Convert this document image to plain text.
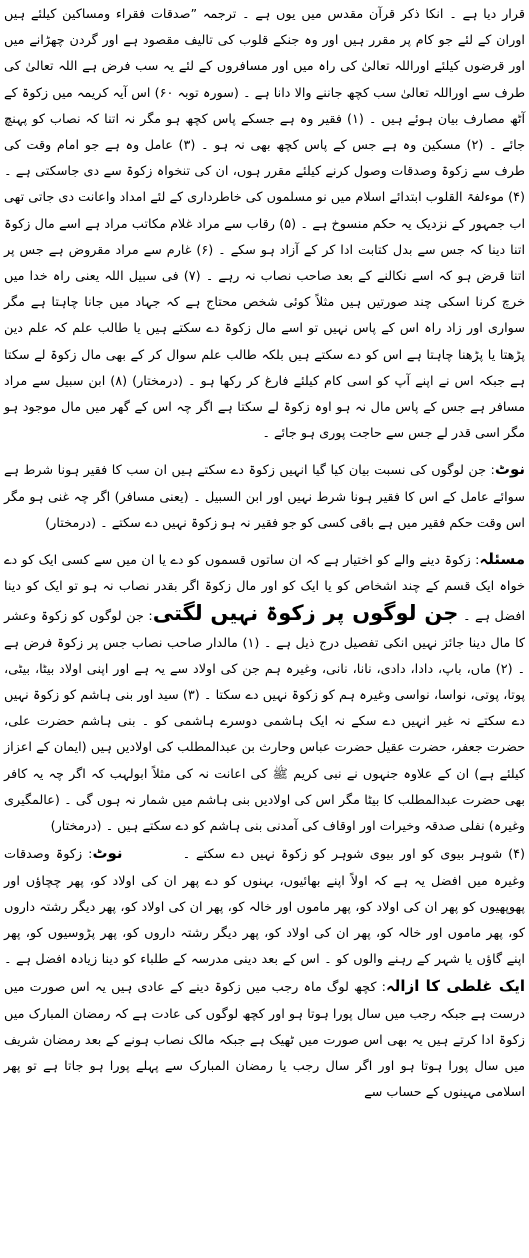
قرار دیا ہے ۔ انکا ذکر قرآن مقدس میں یوں ہے ۔ ترجمہ ”صدقات فقراء ومساکین کیلئے ہیں اوران کے لئے جو کام پر مقرر ہیں اور وہ جنکے قلوب کی تالیف مقصود ہے اور گردن چھڑانے میں اور قرضوں کیلئے اوراللہ تعالیٰ کی راہ میں اور مسافروں کے لئے یہ سب فرض ہے اللہ تعالیٰ کی طرف سے اوراللہ تعالیٰ سب کچھ جاننے والا دانا ہے ۔ (سورہ توبہ ۶۰) اس آیہ کریمہ میں زکوۃ کے آٹھ مصارف بیان ہوئے ہیں ۔ (۱) فقیر وہ ہے جسکے پاس کچھ ہو مگر نہ اتنا کہ نصاب کو پہنچ جائے ۔ (۲) مسکین وہ ہے جس کے پاس کچھ بھی نہ ہو ۔ (۳) عامل وہ ہے جو امام وقت کی طرف سے زکوۃ وصدقات وصول کرنے کیلئے مقرر ہوں، ان کی تنخواہ زکوۃ سے دی جاسکتی ہے ۔ (۴) موءلفۃ القلوب ابتدائے اسلام میں نو مسلموں کی خاطرداری کے لئے امداد واعانت دی جاتی تھی اب جمہور کے نزدیک یہ حکم منسوخ ہے ۔ (۵) رقاب سے مراد غلام مکاتب مراد ہے اسے مال زکوۃ اتنا دینا کہ جس سے بدل کتابت ادا کر کے آزاد ہو سکے ۔ (۶) غارم سے مراد مقروض ہے جس پر اتنا قرض ہو کہ اسے نکالنے کے بعد صاحب نصاب نہ رہے ۔ (۷) فی سبیل اللہ یعنی راہ خدا میں خرچ کرنا اسکی چند صورتیں ہیں مثلاً کوئی شخص محتاج ہے کہ جہاد میں جانا چاہتا ہے مگر سواری اور زاد راہ اس کے پاس نہیں تو اسے مال زکوۃ دے سکتے ہیں یا طالب علم کہ علم دین پڑھتا یا پڑھنا چاہتا ہے اس کو دے سکتے ہیں بلکہ طالب علم سوال کر کے بھی مال زکوۃ لے سکتا ہے جبکہ اس نے اپنے آپ کو اسی کام کیلئے فارغ کر رکھا ہو ۔ (درمختار) (۸) ابن سبیل سے مراد مسافر ہے جس کے پاس مال نہ ہو اوہ زکوۃ لے سکتا ہے اگر چہ اس کے گھر میں مال موجود ہو مگر اسی قدر لے جس سے حاجت پوری ہو جائے ۔

نوٹ: جن لوگوں کی نسبت بیان کیا گیا انہیں زکوۃ دے سکتے ہیں ان سب کا فقیر ہونا شرط ہے سوائے عامل کے اس کا فقیر ہونا شرط نہیں اور ابن السبیل ۔ (یعنی مسافر) اگر چہ غنی ہو مگر اس وقت حکم فقیر میں ہے باقی کسی کو جو فقیر نہ ہو زکوۃ نہیں دے سکتے ۔ (درمختار)

مسئلہ: زکوۃ دینے والے کو اختیار ہے کہ ان ساتوں قسموں کو دے یا ان میں سے کسی ایک کو دے خواہ ایک قسم کے چند اشخاص کو یا ایک کو اور مال زکوۃ اگر بقدر نصاب نہ ہو تو ایک کو دینا افضل ہے ۔ جن لوگوں پر زکوۃ نہیں لگتی: جن لوگوں کو زکوۃ وعشر کا مال دینا جائز نہیں انکی تفصیل درج ذیل ہے ۔ (۱) مالدار صاحب نصاب جس پر زکوۃ فرض ہے ۔ (۲) ماں، باپ، دادا، دادی، نانا، نانی، وغیرہ ہم جن کی اولاد سے یہ ہے اور اپنی اولاد بیٹا، بیٹی، پوتا، پوتی، نواسا، نواسی وغیرہ ہم کو زکوۃ نہیں دے سکتا ۔ (۳) سید اور بنی ہاشم کو زکوۃ نہیں دے سکتے نہ غیر انہیں دے سکے نہ ایک ہاشمی دوسرے ہاشمی کو ۔ بنی ہاشم حضرت علی، حضرت جعفر، حضرت عقیل حضرت عباس وحارث بن عبدالمطلب کی اولادیں ہیں (ایمان کے اعزاز کیلئے ہے) ان کے علاوہ جنہوں نے نبی کریم ﷺ کی اعانت نہ کی مثلاً ابولہب کہ اگر چہ یہ کافر بھی حضرت عبدالمطلب کا بیٹا مگر اس کی اولادیں بنی ہاشم میں شمار نہ ہوں گی ۔ (عالمگیری وغیرہ) نفلی صدقہ وخیرات اور اوقاف کی آمدنی بنی ہاشم کو دے سکتے ہیں ۔ (درمختار)

(۴) شوہر بیوی کو اور بیوی شوہر کو زکوۃ نہیں دے سکتے ۔نوٹ: زکوۃ وصدقات وغیرہ میں افضل یہ ہے کہ اولاً اپنے بھائیوں، بہنوں کو دے پھر ان کی اولاد کو، پھر چچاؤں اور پھوپھیوں کو پھر ان کی اولاد کو، پھر ماموں اور خالہ کو، پھر ان کی اولاد کو، پھر دیگر رشتہ داروں کو، پھر ماموں اور خالہ کو، پھر ان کی اولاد کو، پھر دیگر رشتہ داروں کو، پھر پڑوسیوں کو، پھر اپنے گاؤں یا شہر کے رہنے والوں کو ۔ اس کے بعد دینی مدرسہ کے طلباء کو دینا زیادہ افضل ہے ۔ ایک غلطی کا ازالہ: کچھ لوگ ماہ رجب میں زکوۃ دینے کے عادی ہیں یہ اس صورت میں درست ہے جبکہ رجب میں سال پورا ہوتا ہو اور کچھ لوگوں کی عادت ہے کہ رمضان المبارک میں زکوۃ ادا کرتے ہیں یہ بھی اس صورت میں ٹھیک ہے جبکہ مالک نصاب ہونے کے بعد رمضان شریف میں سال پورا ہوتا ہو اور اگر سال رجب یا رمضان المبارک سے پہلے پورا ہو جاتا ہے تو پھر اسلامی مہینوں کے حساب سے
